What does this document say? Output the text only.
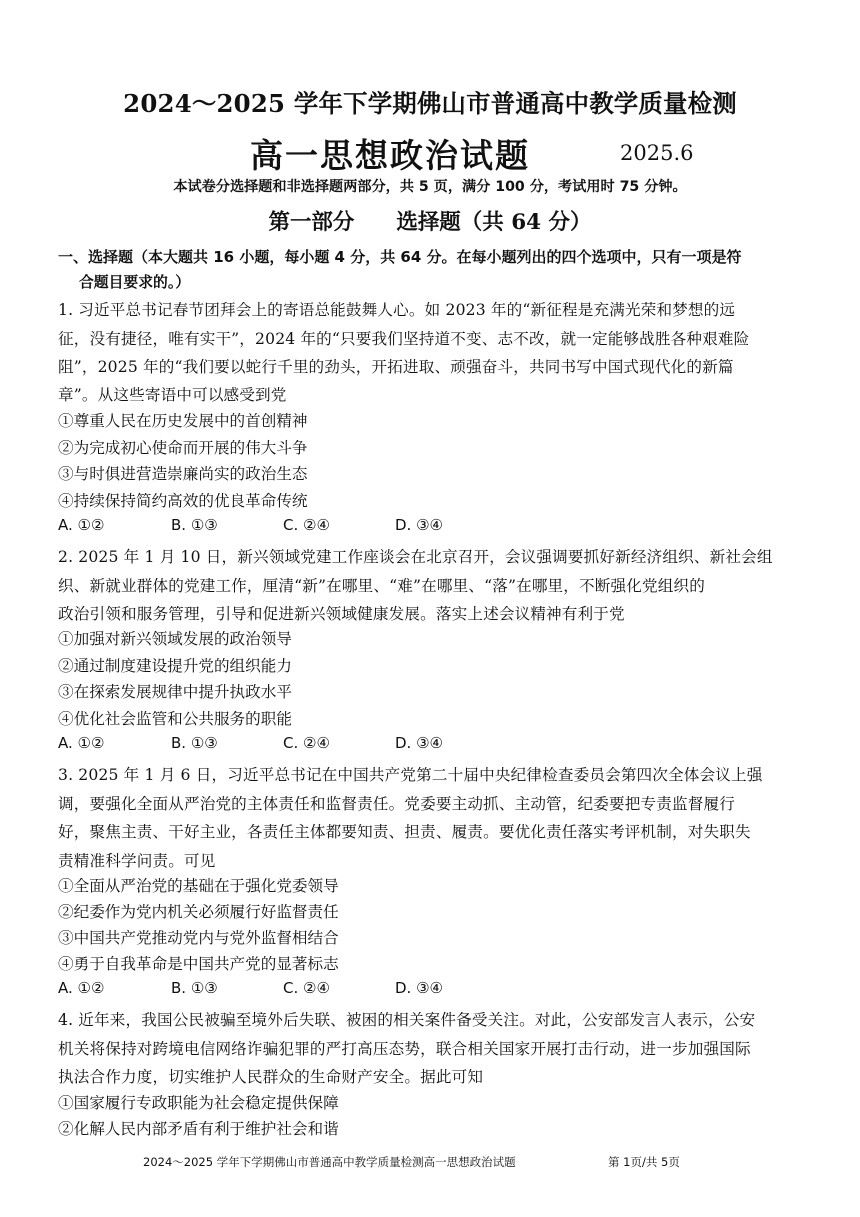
2024～2025 学年下学期佛山市普通高中教学质量检测
高一思想政治试题	2025.6
本试卷分选择题和非选择题两部分，共 5 页，满分 100 分，考试用时 75 分钟。
第一部分 选择题（共 64 分）
一、选择题（本大题共 16 小题，每小题 4 分，共 64 分。在每小题列出的四个选项中，只有一项是符
合题目要求的。）
1. 习近平总书记春节团拜会上的寄语总能鼓舞人心。如 2023 年的“新征程是充满光荣和梦想的远
征，没有捷径，唯有实干”，2024 年的“只要我们坚持道不变、志不改，就一定能够战胜各种艰难险
阻”，2025 年的“我们要以蛇行千里的劲头，开拓进取、顽强奋斗，共同书写中国式现代化的新篇
章”。从这些寄语中可以感受到党
①尊重人民在历史发展中的首创精神
②为完成初心使命而开展的伟大斗争
③与时俱进营造崇廉尚实的政治生态
④持续保持简约高效的优良革命传统
A. ①②	B. ①③	C. ②④	D. ③④
2. 2025 年 1 月 10 日，新兴领域党建工作座谈会在北京召开，会议强调要抓好新经济组织、新社会组
织、新就业群体的党建工作，厘清“新”在哪里、“难”在哪里、“落”在哪里，不断强化党组织的
政治引领和服务管理，引导和促进新兴领域健康发展。落实上述会议精神有利于党
①加强对新兴领域发展的政治领导
②通过制度建设提升党的组织能力
③在探索发展规律中提升执政水平
④优化社会监管和公共服务的职能
A. ①②	B. ①③	C. ②④	D. ③④
3. 2025 年 1 月 6 日，习近平总书记在中国共产党第二十届中央纪律检查委员会第四次全体会议上强
调，要强化全面从严治党的主体责任和监督责任。党委要主动抓、主动管，纪委要把专责监督履行
好，聚焦主责、干好主业，各责任主体都要知责、担责、履责。要优化责任落实考评机制，对失职失
责精准科学问责。可见
①全面从严治党的基础在于强化党委领导
②纪委作为党内机关必须履行好监督责任
③中国共产党推动党内与党外监督相结合
④勇于自我革命是中国共产党的显著标志
A. ①②	B. ①③	C. ②④	D. ③④
4. 近年来，我国公民被骗至境外后失联、被困的相关案件备受关注。对此，公安部发言人表示，公安
机关将保持对跨境电信网络诈骗犯罪的严打高压态势，联合相关国家开展打击行动，进一步加强国际
执法合作力度，切实维护人民群众的生命财产安全。据此可知
①国家履行专政职能为社会稳定提供保障
②化解人民内部矛盾有利于维护社会和谐
2024～2025 学年下学期佛山市普通高中教学质量检测高一思想政治试题	第 1页/共 5页
